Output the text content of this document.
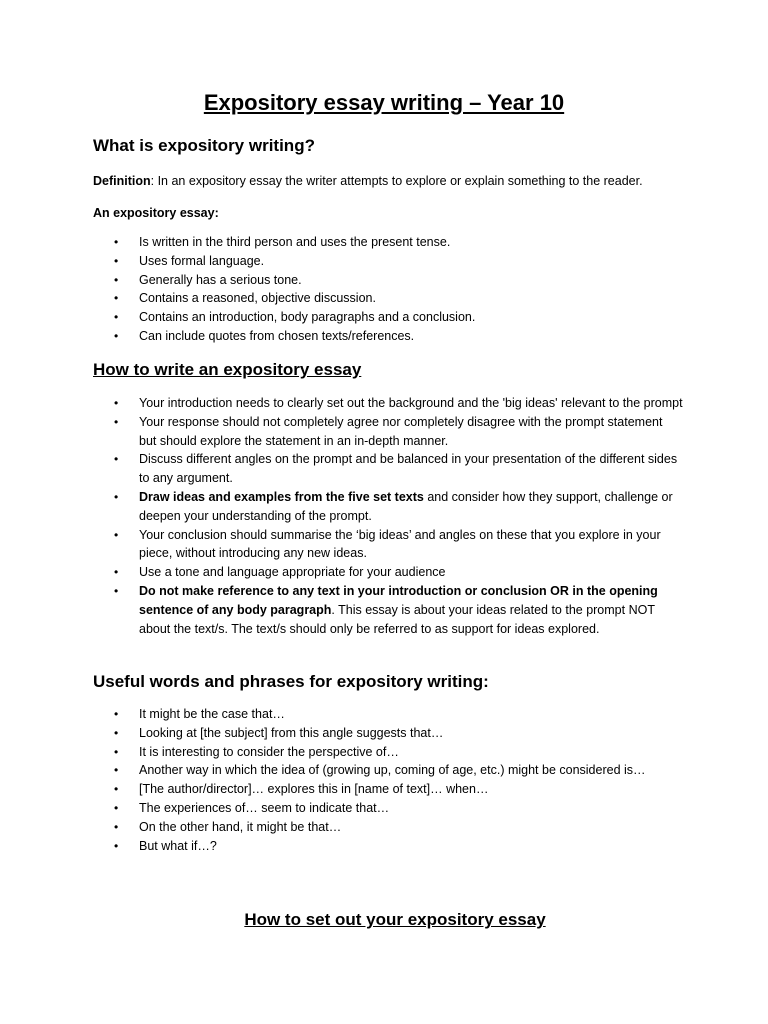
Expository essay writing – Year 10
What is expository writing?

Definition: In an expository essay the writer attempts to explore or explain something to the reader.

An expository essay:

• Is written in the third person and uses the present tense.
• Uses formal language.
• Generally has a serious tone.
• Contains a reasoned, objective discussion.
• Contains an introduction, body paragraphs and a conclusion.
• Can include quotes from chosen texts/references.
How to write an expository essay
• Your introduction needs to clearly set out the background and the 'big ideas' relevant to the prompt
• Your response should not completely agree nor completely disagree with the prompt statement but should explore the statement in an in-depth manner.
• Discuss different angles on the prompt and be balanced in your presentation of the different sides to any argument.
• Draw ideas and examples from the five set texts and consider how they support, challenge or deepen your understanding of the prompt.
• Your conclusion should summarise the ‘big ideas’ and angles on these that you explore in your piece, without introducing any new ideas.
• Use a tone and language appropriate for your audience
• Do not make reference to any text in your introduction or conclusion OR in the opening sentence of any body paragraph. This essay is about your ideas related to the prompt NOT about the text/s. The text/s should only be referred to as support for ideas explored.
Useful words and phrases for expository writing:
• It might be the case that…
• Looking at [the subject] from this angle suggests that…
• It is interesting to consider the perspective of…
• Another way in which the idea of (growing up, coming of age, etc.) might be considered is…
• [The author/director]… explores this in [name of text]… when…
• The experiences of… seem to indicate that…
• On the other hand, it might be that…
• But what if…?
How to set out your expository essay
